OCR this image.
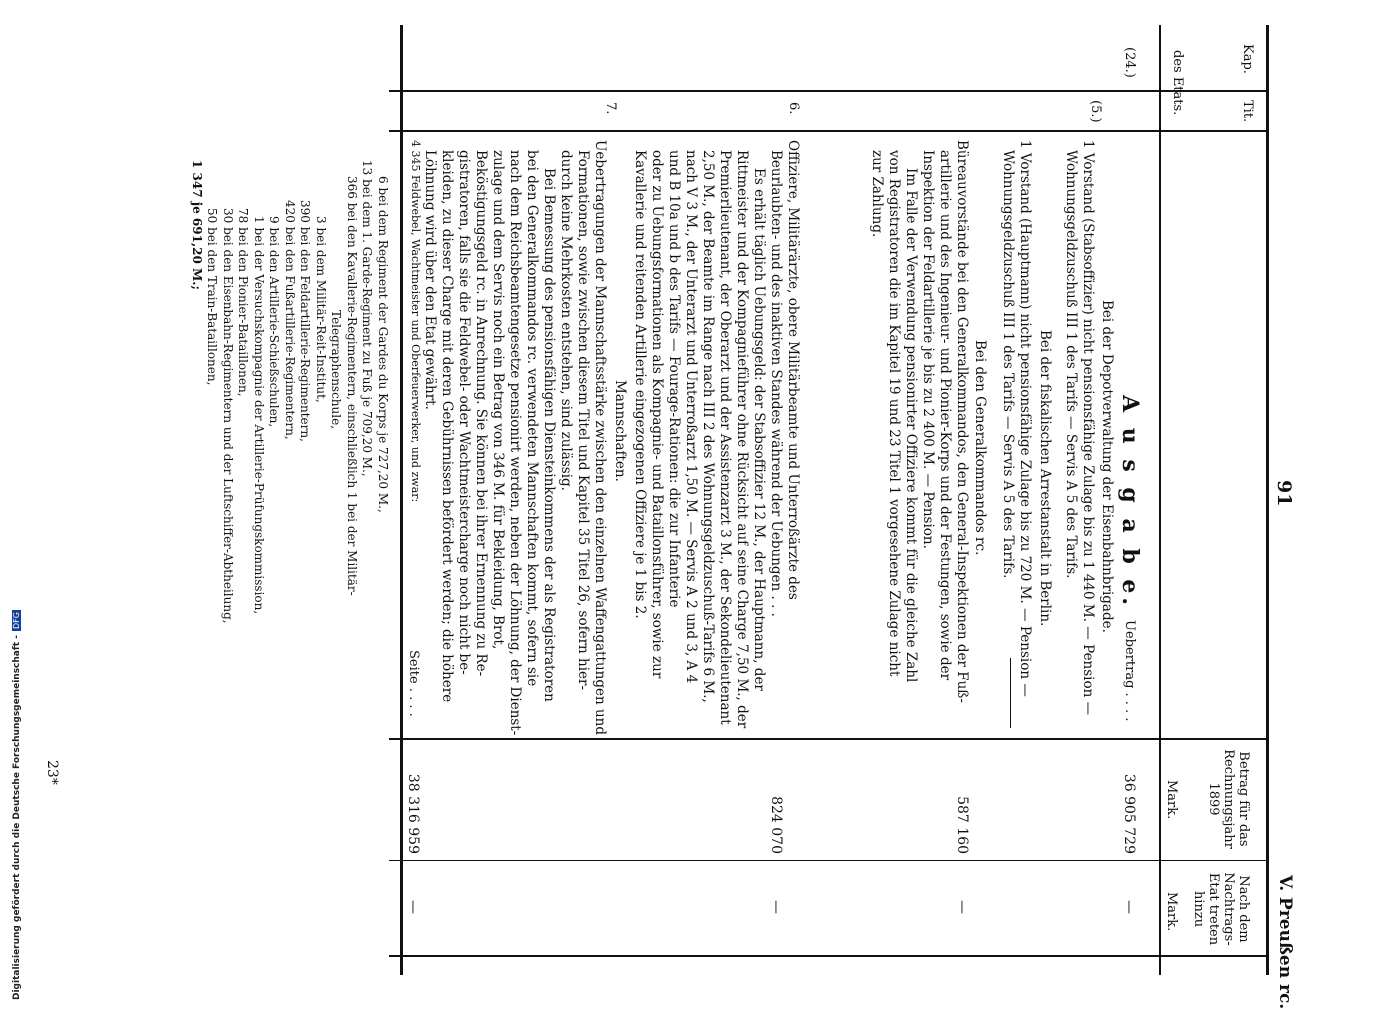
91
V. Preußen rc.
Kap.
Tit.
des Etats.
Betrag für das Rechnungsjahr 1899
Nach dem Nachtrags-Etat treten hinzu
Mark.
Mark.
A u s g a b e.
(24.)
(5.)
6.
7.
Uebertrag . . . .
36 905 729
—
Bei der Depotverwaltung der Eisenbahnbrigade.
1 Vorstand (Stabsoffizier) nicht pensionsfähige Zulage bis zu 1 440 M. — Pension —
Wohnungsgeldzuschuß III 1 des Tarifs — Servis A 5 des Tarifs.
Bei der fiskalischen Arrestanstalt in Berlin.
1 Vorstand (Hauptmann) nicht pensionsfähige Zulage bis zu 720 M. — Pension —
Wohnungsgeldzuschuß III 1 des Tarifs — Servis A 5 des Tarifs.
Bei den Generalkommandos rc.
Büreauvorstände bei den Generalkommandos, den General-Inspektionen der Fuß-
artillerie und des Ingenieur- und Pionier-Korps und der Festungen, sowie der
Inspektion der Feldartillerie je bis zu 2 400 M. — Pension.
Im Falle der Verwendung pensionirter Offiziere kommt für die gleiche Zahl
von Registratoren die im Kapitel 19 und 23 Titel 1 vorgesehene Zulage nicht
zur Zahlung.
587 160
—
Offiziere, Militärärzte, obere Militärbeamte und Unterroßärzte des
Beurlaubten- und des inaktiven Standes während der Uebungen . . .
Es erhält täglich Uebungsgeld: der Stabsoffizier 12 M., der Hauptmann, der
Rittmeister und der Kompagnieführer ohne Rücksicht auf seine Charge 7,50 M., der
Premierlieutenant, der Oberarzt und der Assistenzarzt 3 M., der Sekondelieutenant
2,50 M., der Beamte im Range nach III 2 des Wohnungsgeldzuschuß-Tarifs 6 M.,
nach V 3 M., der Unterarzt und Unterroßarzt 1,50 M. — Servis A 2 und 3, A 4
und B 10a und b des Tarifs — Fourage-Rationen: die zur Infanterie
oder zu Uebungsformationen als Kompagnie- und Bataillonsführer, sowie zur
Kavallerie und reitenden Artillerie eingezogenen Offiziere je 1 bis 2.
824 070
—
Mannschaften.
Uebertragungen der Mannschaftsstärke zwischen den einzelnen Waffengattungen und
Formationen, sowie zwischen diesem Titel und Kapitel 35 Titel 26, sofern hier-
durch keine Mehrkosten entstehen, sind zulässig.
Bei Bemessung des pensionsfähigen Diensteinkommens der als Registratoren
bei den Generalkommandos rc. verwendeten Mannschaften kommt, sofern sie
nach dem Reichsbeamtengesetze pensionirt werden, neben der Löhnung, der Dienst-
zulage und dem Servis noch ein Betrag von 346 M. für Bekleidung, Brot,
Beköstigungsgeld rc. in Anrechnung. Sie können bei ihrer Ernennung zu Re-
gistratoren, falls sie die Feldwebel- oder Wachtmeistercharge noch nicht be-
kleiden, zu dieser Charge mit deren Gebührnissen befördert werden; die höhere
Löhnung wird über den Etat gewährt.
4 345 Feldwebel, Wachtmeister und Oberfeuerwerker, und zwar:
38 316 959
Seite . . . .
—
6 bei dem Regiment der Gardes du Korps je 727,20 M.,
13 bei dem 1. Garde-Regiment zu Fuß je 709,20 M.,
366 bei den Kavallerie-Regimentern, einschließlich 1 bei der Militär-
Telegraphenschule,
3 bei dem Militär-Reit-Institut,
390 bei den Feldartillerie-Regimentern,
420 bei den Fußartillerie-Regimentern,
9 bei den Artillerie-Schießschulen,
1 bei der Versuchskompagnie der Artillerie-Prüfungskommission,
78 bei den Pionier-Bataillonen,
30 bei den Eisenbahn-Regimentern und der Luftschiffer-Abtheilung,
50 bei den Train-Bataillonen,
1 347 je 691,20 M.;
23*
Digitalisierung gefördert durch die Deutsche Forschungsgemeinschaft -DFG
